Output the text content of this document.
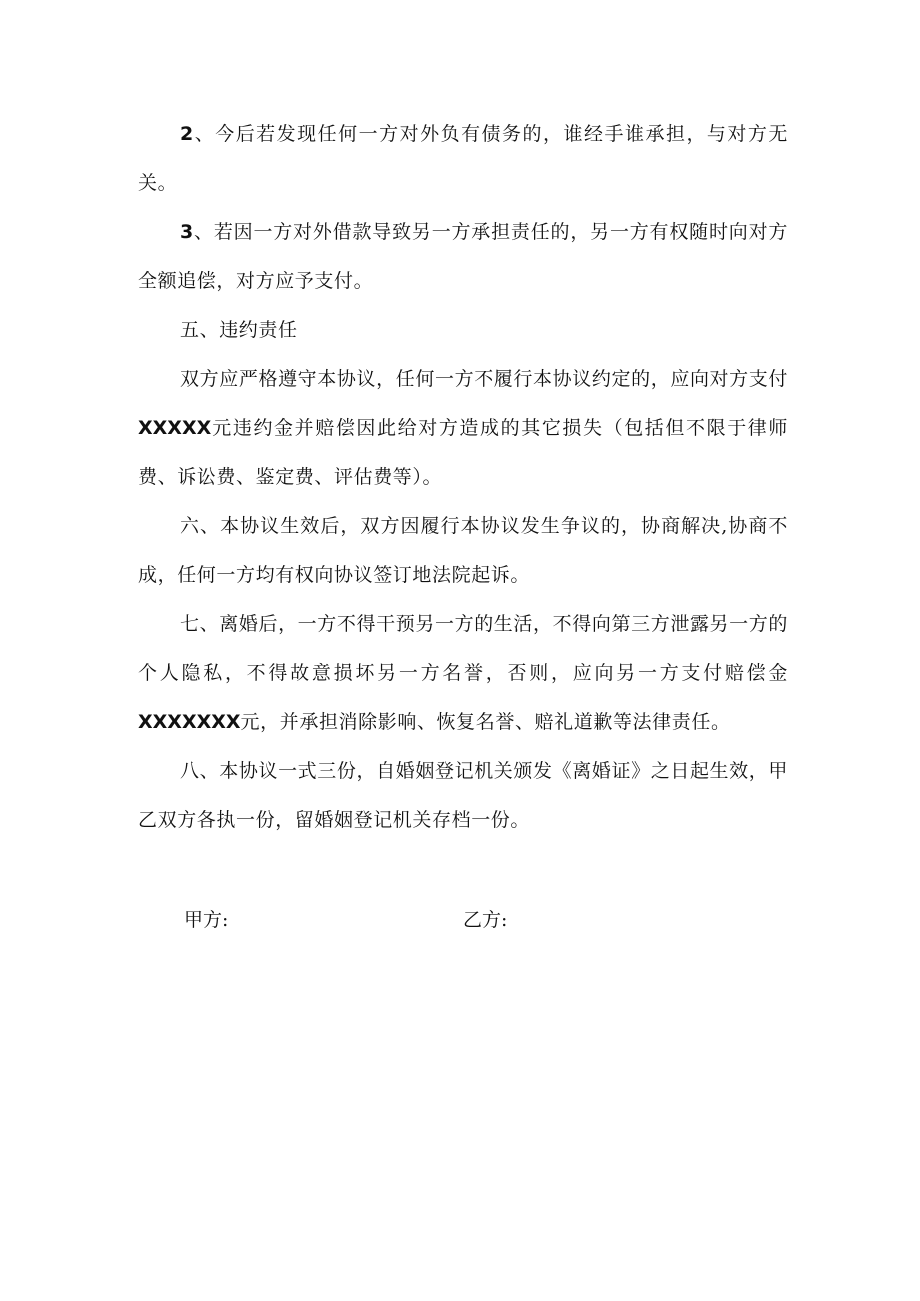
2、今后若发现任何一方对外负有债务的，谁经手谁承担，与对方无关。

3、若因一方对外借款导致另一方承担责任的，另一方有权随时向对方全额追偿，对方应予支付。

五、违约责任

双方应严格遵守本协议，任何一方不履行本协议约定的，应向对方支付XXXXX元违约金并赔偿因此给对方造成的其它损失（包括但不限于律师费、诉讼费、鉴定费、评估费等）。

六、本协议生效后，双方因履行本协议发生争议的，协商解决,协商不成，任何一方均有权向协议签订地法院起诉。

七、离婚后，一方不得干预另一方的生活，不得向第三方泄露另一方的个人隐私，不得故意损坏另一方名誉，否则，应向另一方支付赔偿金XXXXXXX元，并承担消除影响、恢复名誉、赔礼道歉等法律责任。

八、本协议一式三份，自婚姻登记机关颁发《离婚证》之日起生效，甲乙双方各执一份，留婚姻登记机关存档一份。

甲方:	乙方:
